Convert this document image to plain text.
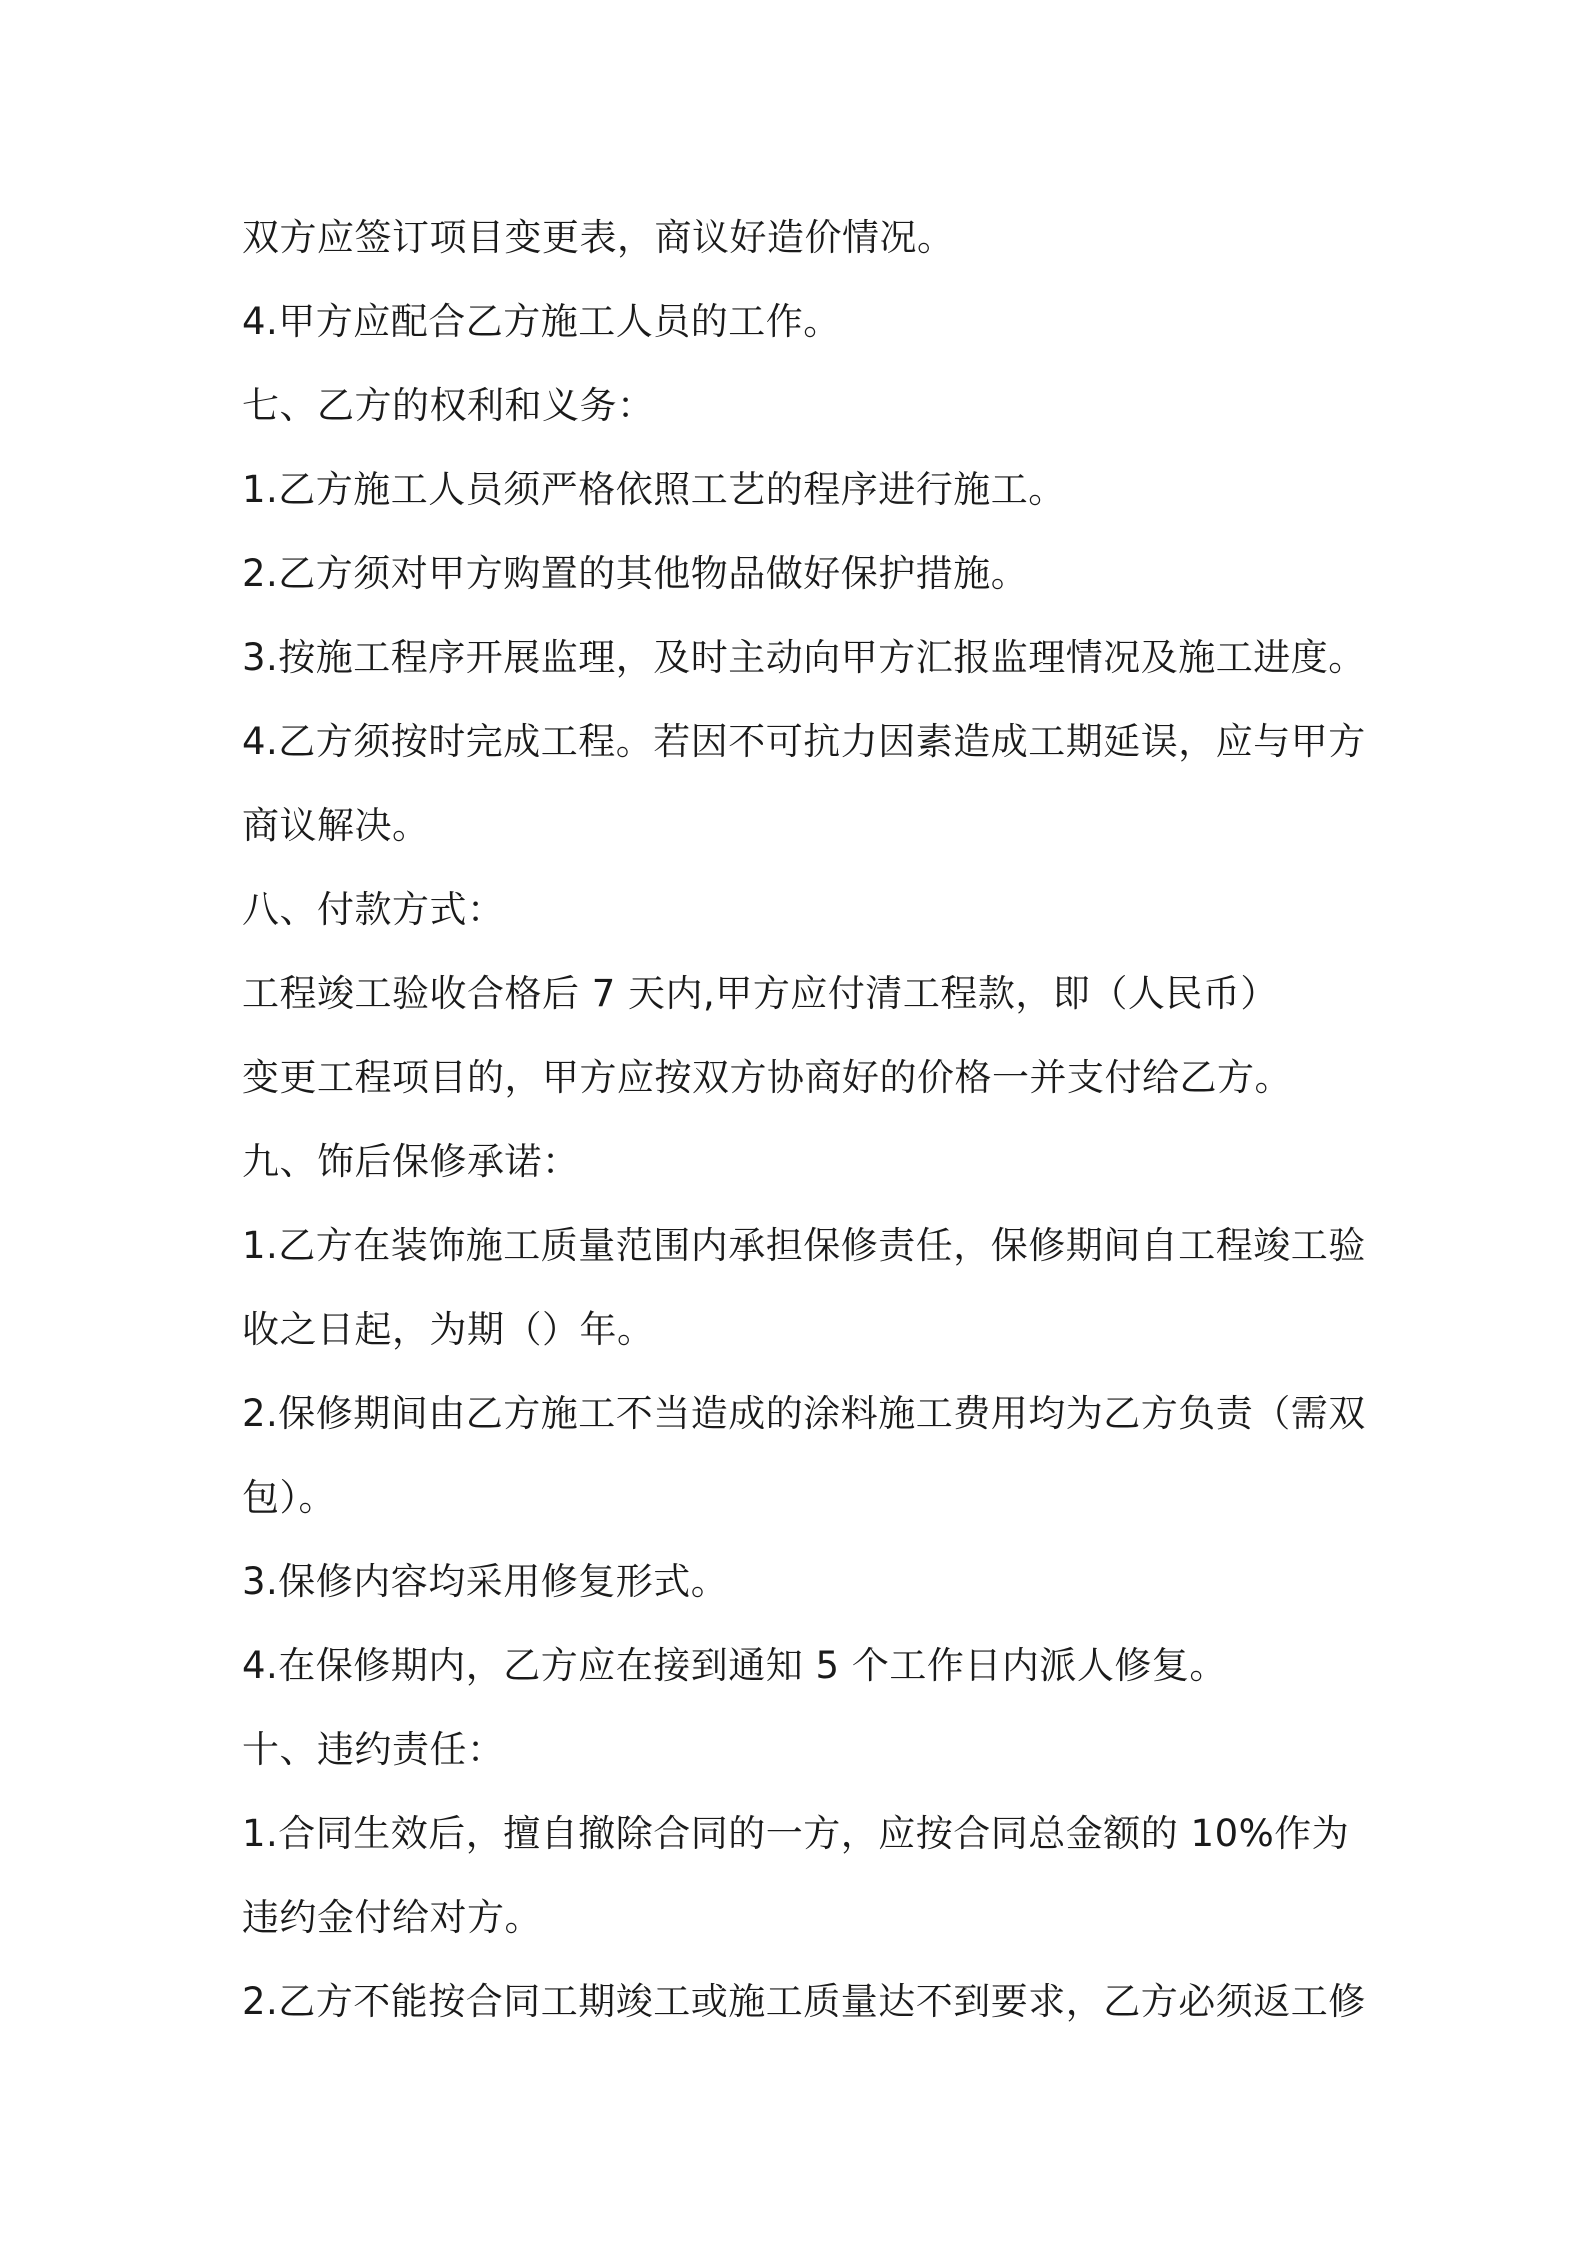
双方应签订项目变更表，商议好造价情况。
4.甲方应配合乙方施工人员的工作。
七、乙方的权利和义务：
1.乙方施工人员须严格依照工艺的程序进行施工。
2.乙方须对甲方购置的其他物品做好保护措施。
3.按施工程序开展监理，及时主动向甲方汇报监理情况及施工进度。
4.乙方须按时完成工程。若因不可抗力因素造成工期延误，应与甲方
商议解决。
八、付款方式：
工程竣工验收合格后 7 天内,甲方应付清工程款，即（人民币）
变更工程项目的，甲方应按双方协商好的价格一并支付给乙方。
九、饰后保修承诺：
1.乙方在装饰施工质量范围内承担保修责任，保修期间自工程竣工验
收之日起，为期（）年。
2.保修期间由乙方施工不当造成的涂料施工费用均为乙方负责（需双
包）。
3.保修内容均采用修复形式。
4.在保修期内，乙方应在接到通知 5 个工作日内派人修复。
十、违约责任：
1.合同生效后，擅自撤除合同的一方，应按合同总金额的 10%作为
违约金付给对方。
2.乙方不能按合同工期竣工或施工质量达不到要求，乙方必须返工修
